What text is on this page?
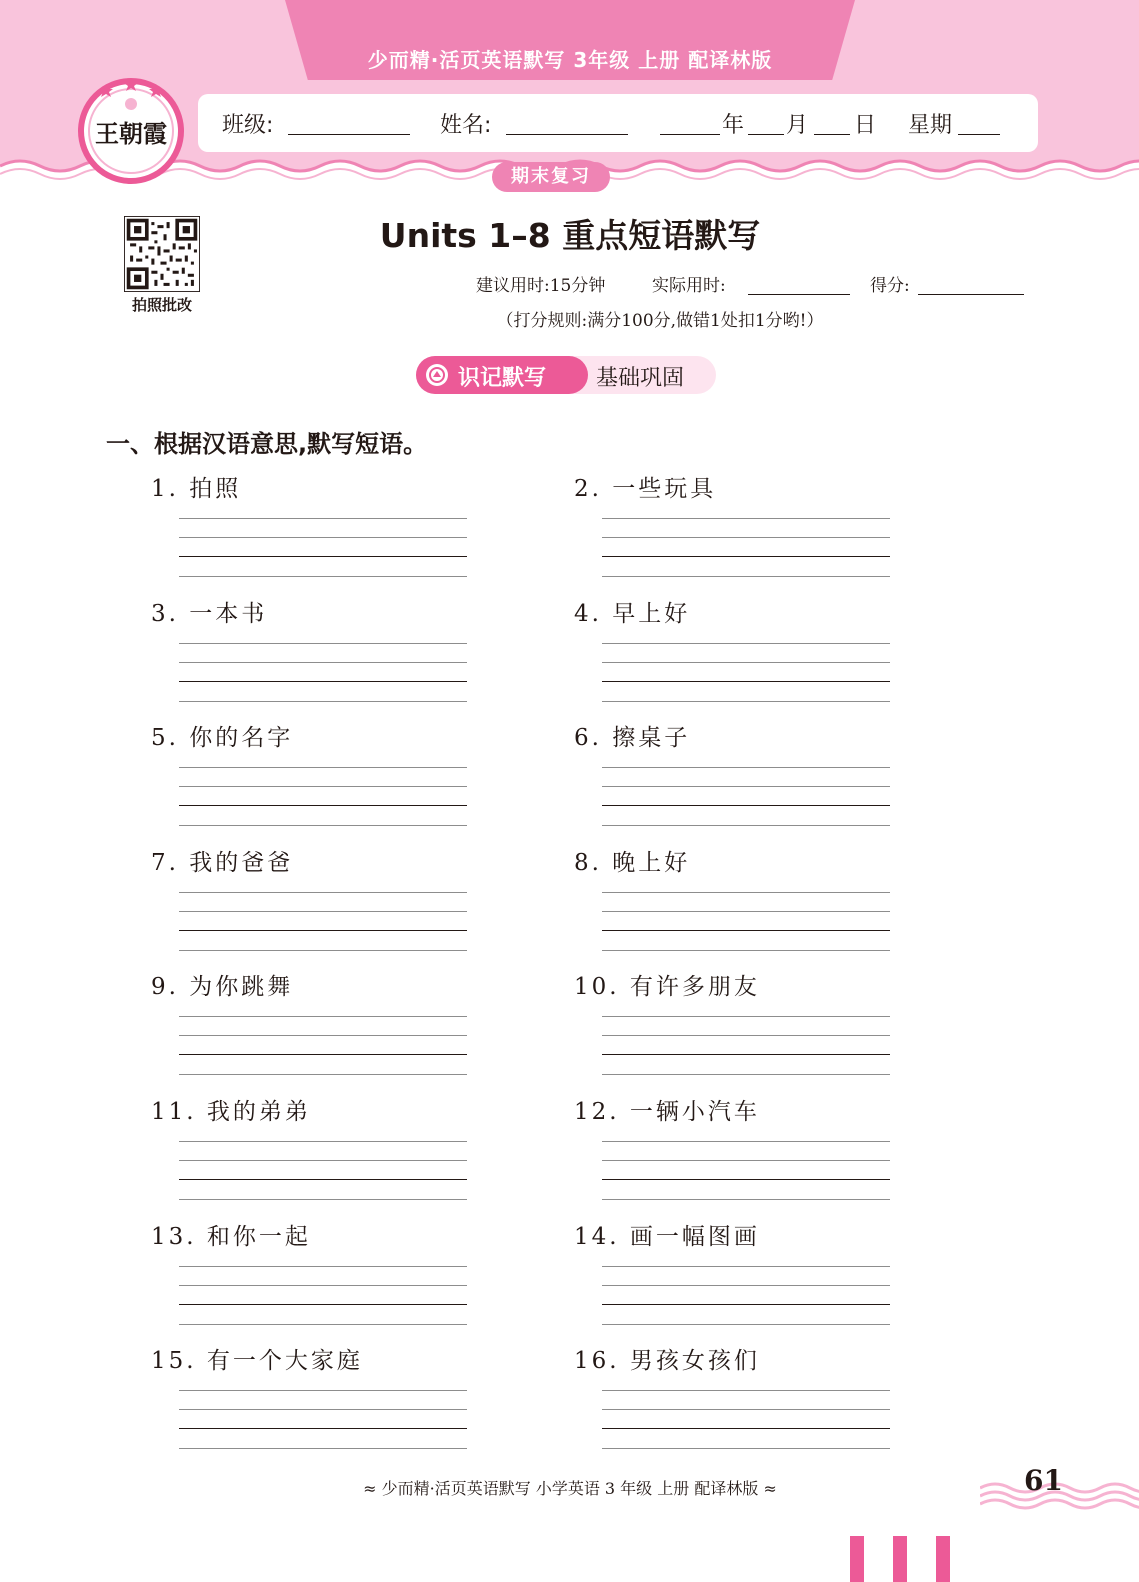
少而精·活页英语默写 3年级 上册 配译林版
班级:	姓名:	年 月 日 星期
王朝霞
期末复习
拍照批改
Units 1–8 重点短语默写
建议用时:15分钟	实际用时:	得分:
（打分规则:满分100分,做错1处扣1分哟!）
识记默写 基础巩固
一、根据汉语意思,默写短语。
1. 拍照	2. 一些玩具
3. 一本书	4. 早上好
5. 你的名字	6. 擦桌子
7. 我的爸爸	8. 晚上好
9. 为你跳舞	10. 有许多朋友
11. 我的弟弟	12. 一辆小汽车
13. 和你一起	14. 画一幅图画
15. 有一个大家庭	16. 男孩女孩们
≈ 少而精·活页英语默写 小学英语 3 年级 上册 配译林版 ≈	61
